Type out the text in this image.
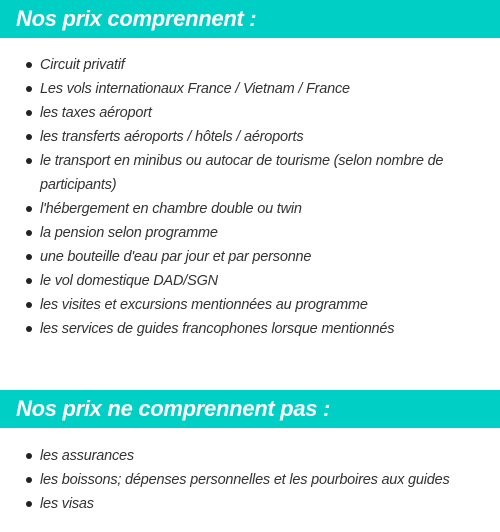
Nos prix comprennent :
Circuit privatif
Les vols internationaux France / Vietnam / France
les taxes aéroport
les transferts aéroports / hôtels / aéroports
le transport en minibus ou autocar de tourisme (selon nombre de participants)
l'hébergement en chambre double ou twin
la pension selon programme
une bouteille d'eau par jour et par personne
le vol domestique DAD/SGN
les visites et excursions mentionnées au programme
les services de guides francophones lorsque mentionnés
Nos prix ne comprennent pas :
les assurances
les boissons; dépenses personnelles et les pourboires aux guides
les visas
